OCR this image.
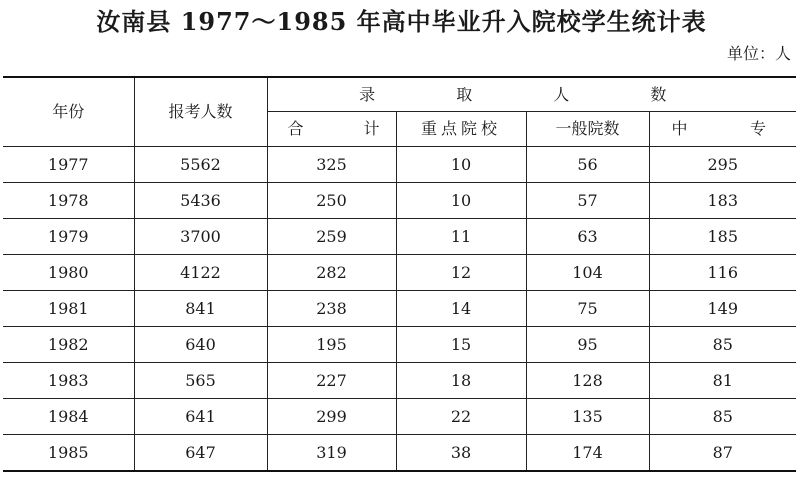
汝南县 1977～1985 年高中毕业升入院校学生统计表
单位：人
年份	报考人数	录 取 人 数			

		合 计	重点院校	一般院数	中 专

1977	5562	325	10	56	295
1978	5436	250	10	57	183
1979	3700	259	11	63	185
1980	4122	282	12	104	116
1981	841	238	14	75	149
1982	640	195	15	95	85
1983	565	227	18	128	81
1984	641	299	22	135	85
1985	647	319	38	174	87
